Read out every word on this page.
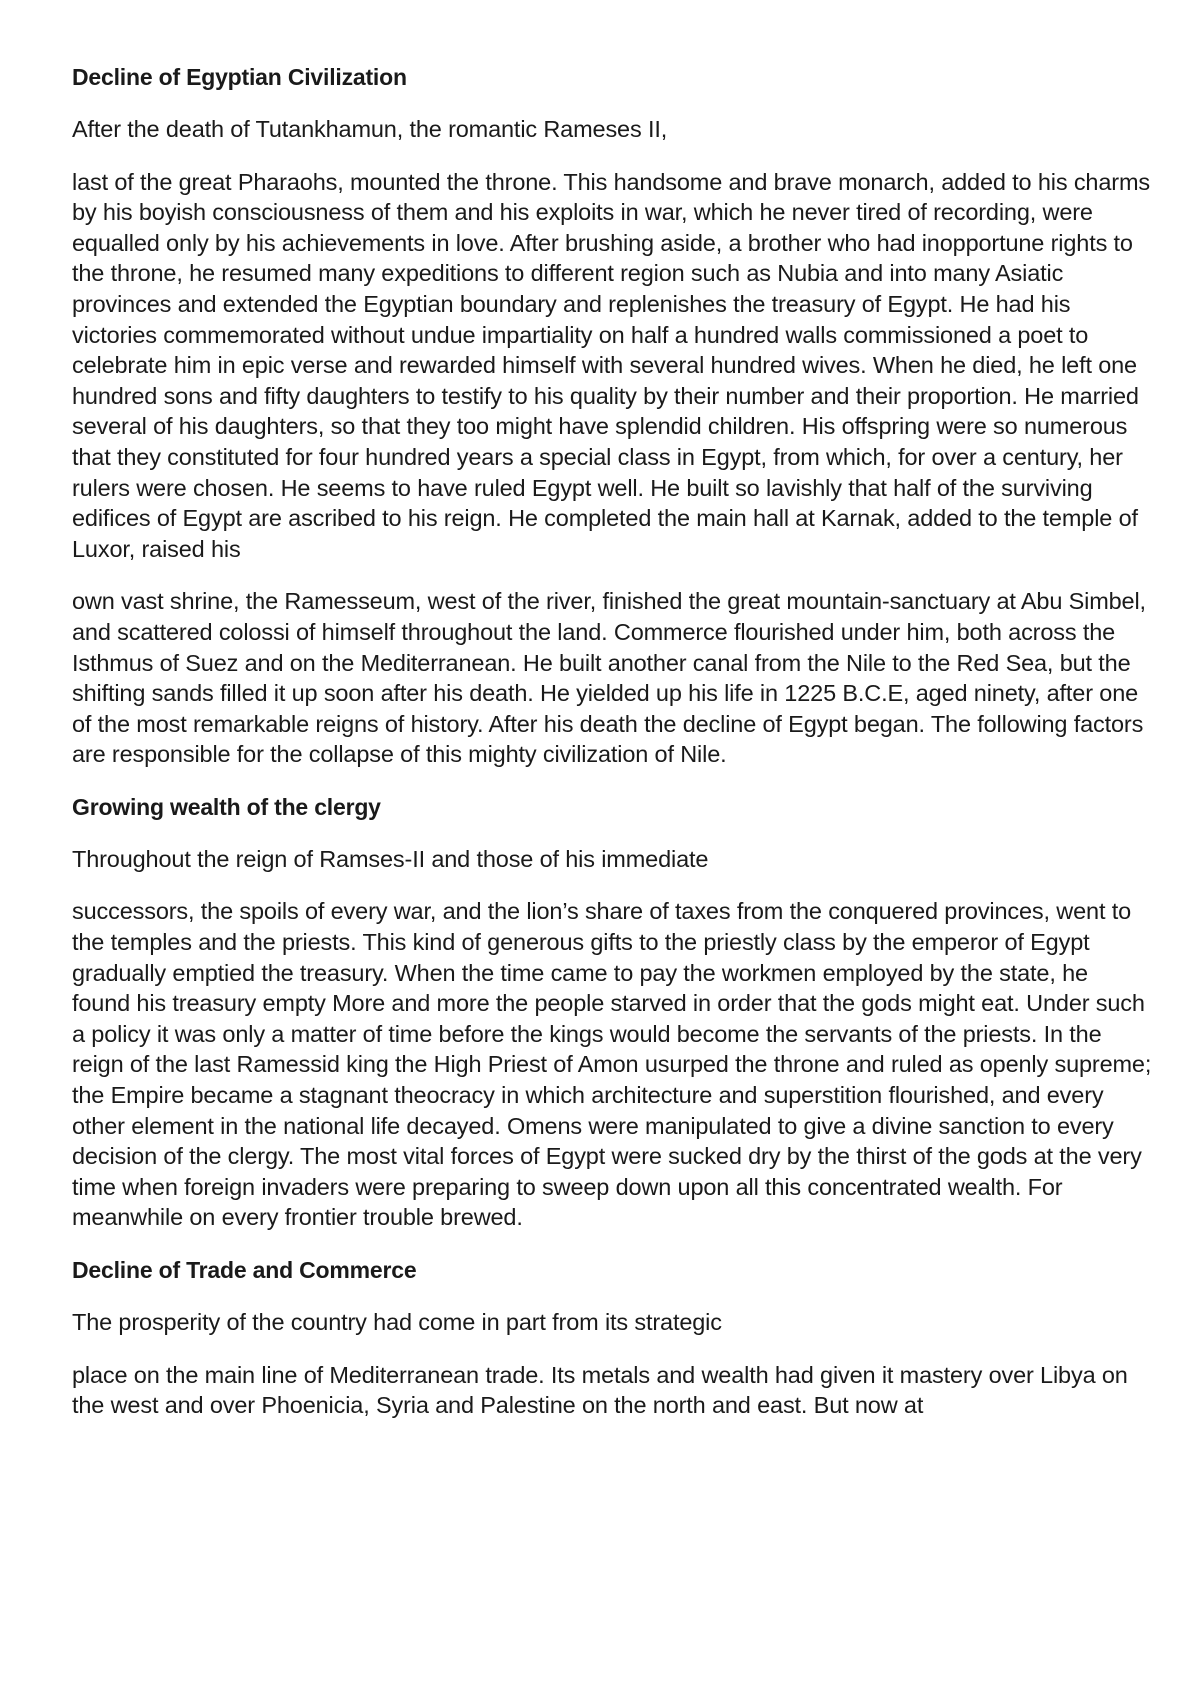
Decline of Egyptian Civilization

After the death of Tutankhamun, the romantic Rameses II,

last of the great Pharaohs, mounted the throne. This handsome and brave monarch, added to his charms by his boyish consciousness of them and his exploits in war, which he never tired of recording, were equalled only by his achievements in love. After brushing aside, a brother who had inopportune rights to the throne, he resumed many expeditions to different region such as Nubia and into many Asiatic provinces and extended the Egyptian boundary and replenishes the treasury of Egypt. He had his victories commemorated without undue impartiality on half a hundred walls commissioned a poet to celebrate him in epic verse and rewarded himself with several hundred wives. When he died, he left one hundred sons and fifty daughters to testify to his quality by their number and their proportion. He married several of his daughters, so that they too might have splendid children. His offspring were so numerous that they constituted for four hundred years a special class in Egypt, from which, for over a century, her rulers were chosen. He seems to have ruled Egypt well. He built so lavishly that half of the surviving edifices of Egypt are ascribed to his reign. He completed the main hall at Karnak, added to the temple of Luxor, raised his

own vast shrine, the Ramesseum, west of the river, finished the great mountain-sanctuary at Abu Simbel, and scattered colossi of himself throughout the land. Commerce flourished under him, both across the Isthmus of Suez and on the Mediterranean. He built another canal from the Nile to the Red Sea, but the shifting sands filled it up soon after his death. He yielded up his life in 1225 B.C.E, aged ninety, after one of the most remarkable reigns of history. After his death the decline of Egypt began. The following factors are responsible for the collapse of this mighty civilization of Nile.

Growing wealth of the clergy

Throughout the reign of Ramses-II and those of his immediate

successors, the spoils of every war, and the lion’s share of taxes from the conquered provinces, went to the temples and the priests. This kind of generous gifts to the priestly class by the emperor of Egypt gradually emptied the treasury. When the time came to pay the workmen employed by the state, he found his treasury empty More and more the people starved in order that the gods might eat. Under such a policy it was only a matter of time before the kings would become the servants of the priests. In the reign of the last Ramessid king the High Priest of Amon usurped the throne and ruled as openly supreme; the Empire became a stagnant theocracy in which architecture and superstition flourished, and every other element in the national life decayed. Omens were manipulated to give a divine sanction to every decision of the clergy. The most vital forces of Egypt were sucked dry by the thirst of the gods at the very time when foreign invaders were preparing to sweep down upon all this concentrated wealth. For meanwhile on every frontier trouble brewed.

Decline of Trade and Commerce

The prosperity of the country had come in part from its strategic

place on the main line of Mediterranean trade. Its metals and wealth had given it mastery over Libya on the west and over Phoenicia, Syria and Palestine on the north and east. But now at
